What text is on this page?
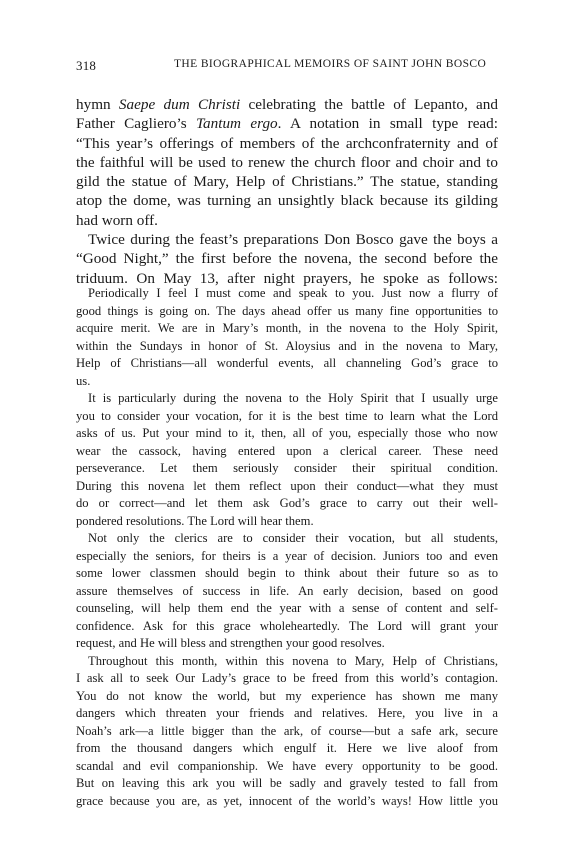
318	THE BIOGRAPHICAL MEMOIRS OF SAINT JOHN BOSCO
hymn Saepe dum Christi celebrating the battle of Lepanto, and
Father Cagliero’s Tantum ergo. A notation in small type read:
“This year’s offerings of members of the archconfraternity and of
the faithful will be used to renew the church floor and choir and to
gild the statue of Mary, Help of Christians.” The statue, standing
atop the dome, was turning an unsightly black because its gilding
had worn off.
Twice during the feast’s preparations Don Bosco gave the boys a
“Good Night,” the first before the novena, the second before the
triduum. On May 13, after night prayers, he spoke as follows:
Periodically I feel I must come and speak to you. Just now a flurry of
good things is going on. The days ahead offer us many fine opportunities to
acquire merit. We are in Mary’s month, in the novena to the Holy Spirit,
within the Sundays in honor of St. Aloysius and in the novena to Mary,
Help of Christians—all wonderful events, all channeling God’s grace to
us.
It is particularly during the novena to the Holy Spirit that I usually urge
you to consider your vocation, for it is the best time to learn what the Lord
asks of us. Put your mind to it, then, all of you, especially those who now
wear the cassock, having entered upon a clerical career. These need
perseverance. Let them seriously consider their spiritual condition.
During this novena let them reflect upon their conduct—what they must
do or correct—and let them ask God’s grace to carry out their well-
pondered resolutions. The Lord will hear them.
Not only the clerics are to consider their vocation, but all students,
especially the seniors, for theirs is a year of decision. Juniors too and even
some lower classmen should begin to think about their future so as to
assure themselves of success in life. An early decision, based on good
counseling, will help them end the year with a sense of content and self-
confidence. Ask for this grace wholeheartedly. The Lord will grant your
request, and He will bless and strengthen your good resolves.
Throughout this month, within this novena to Mary, Help of Christians,
I ask all to seek Our Lady’s grace to be freed from this world’s contagion.
You do not know the world, but my experience has shown me many
dangers which threaten your friends and relatives. Here, you live in a
Noah’s ark—a little bigger than the ark, of course—but a safe ark, secure
from the thousand dangers which engulf it. Here we live aloof from
scandal and evil companionship. We have every opportunity to be good.
But on leaving this ark you will be sadly and gravely tested to fall from
grace because you are, as yet, innocent of the world’s ways! How little you
